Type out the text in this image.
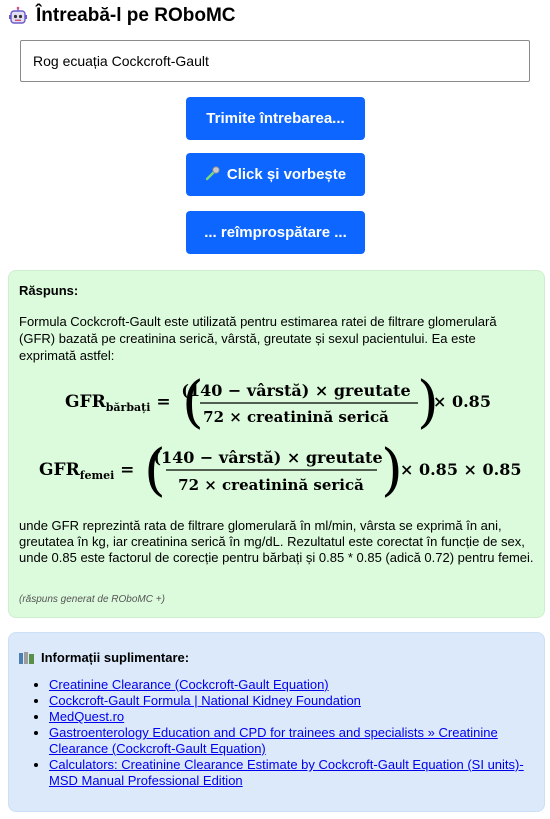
Întreabă-l pe RObоMC
Rog ecuația Cockcroft-Gault
Trimite întrebarea...
Click și vorbește
... reîmprospătare ...
Răspuns:
Formula Cockcroft-Gault este utilizată pentru estimarea ratei de filtrare glomerulară (GFR) bazată pe creatinina serică, vârstă, greutate și sexul pacientului. Ea este exprimată astfel:
$GFR_{bărbați}$ = (
(140 − vârstă) × greutate
72 × creatinină serică )
× 0.85
$GFR_{femei}$ = (
(140 − vârstă) × greutate
72 × creatinină serică )
× 0.85 × 0.85
unde GFR reprezintă rata de filtrare glomerulară în ml/min, vârsta se exprimă în ani, greutatea în kg, iar creatinina serică în mg/dL. Rezultatul este corectat în funcție de sex, unde 0.85 este factorul de corecție pentru bărbați și 0.85 * 0.85 (adică 0.72) pentru femei.
(răspuns generat de RObоMC +)
Informații suplimentare:
• Creatinine Clearance (Cockcroft-Gault Equation)
• Cockcroft-Gault Formula | National Kidney Foundation
• MedQuest.ro
• Gastroenterology Education and CPD for trainees and specialists » Creatinine Clearance (Cockcroft-Gault Equation)
• Calculators: Creatinine Clearance Estimate by Cockcroft-Gault Equation (SI units)-MSD Manual Professional Edition
